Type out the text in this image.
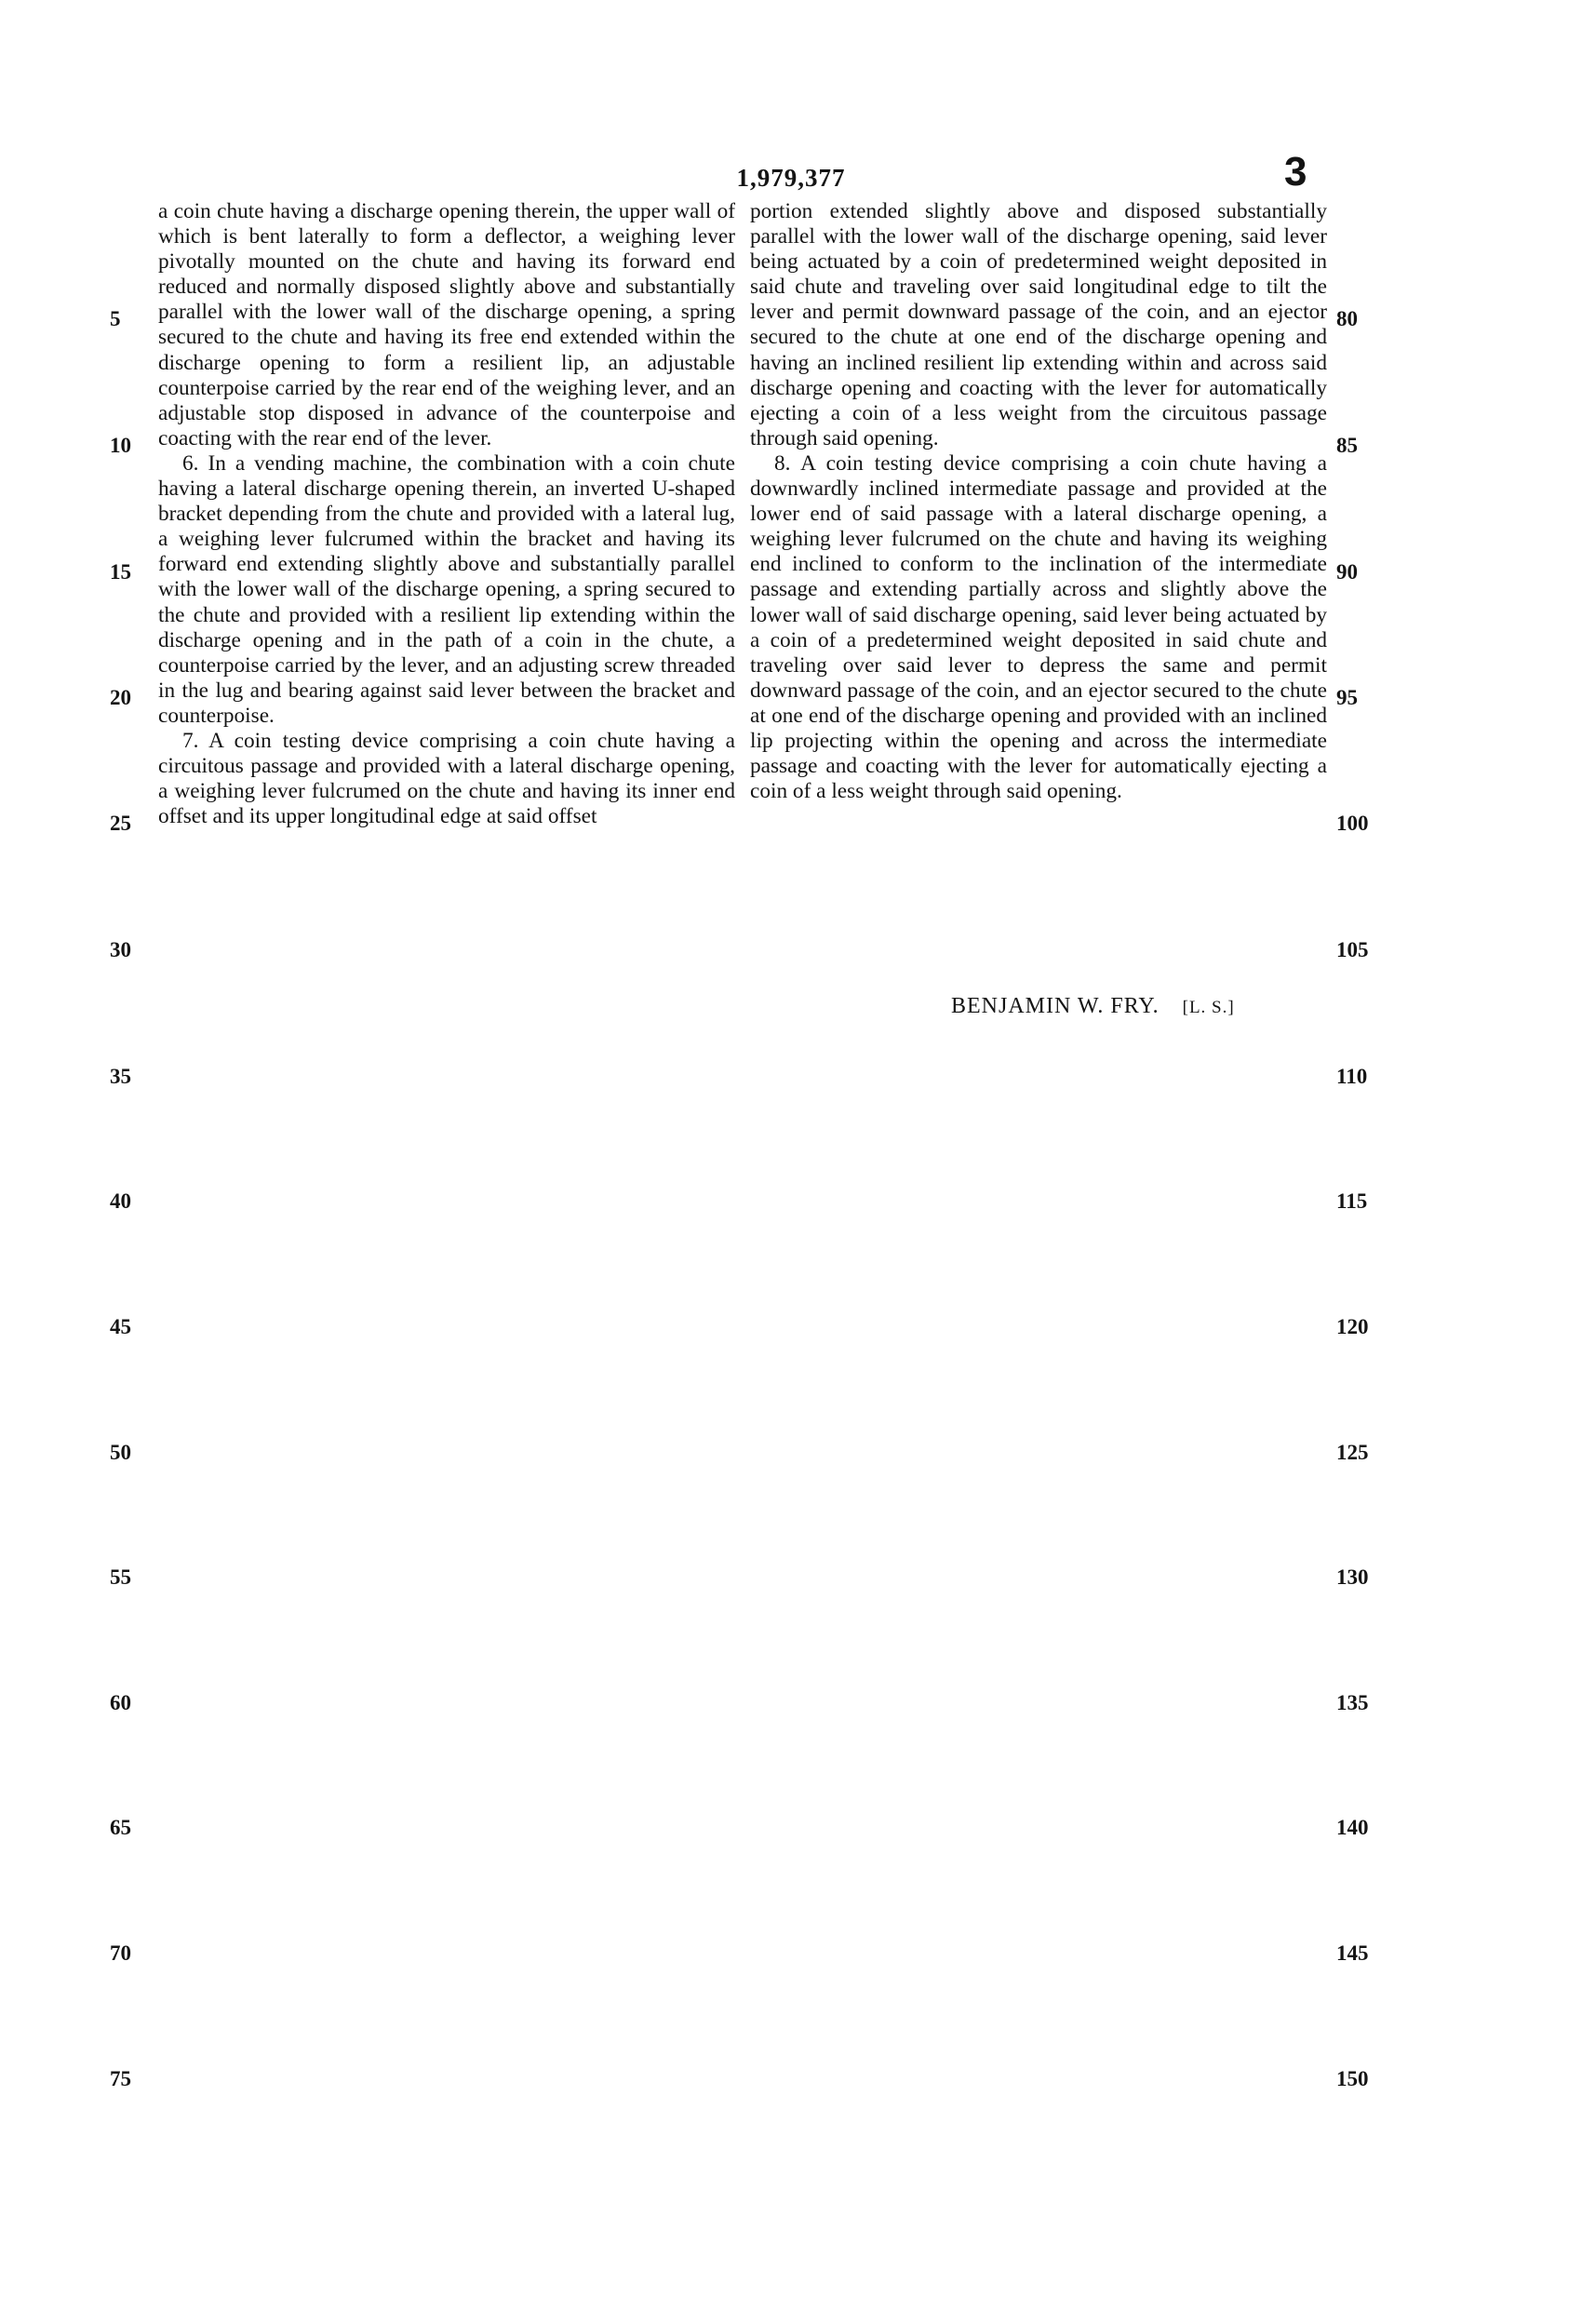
1,979,377	3

a coin chute having a discharge opening therein, the upper wall of which is bent laterally to form a deflector, a weighing lever pivotally mounted on the chute and having its forward end reduced and normally disposed slightly above and substantially parallel with the lower wall of the discharge opening, a spring secured to the chute and having its free end extended within the discharge opening to form a resilient lip, an adjustable counterpoise carried by the rear end of the weighing lever, and an adjustable stop disposed in advance of the counterpoise and coacting with the rear end of the lever.

6. In a vending machine, the combination with a coin chute having a lateral discharge opening therein, an inverted U-shaped bracket depending from the chute and provided with a lateral lug, a weighing lever fulcrumed within the bracket and having its forward end extending slightly above and substantially parallel with the lower wall of the discharge opening, a spring secured to the chute and provided with a resilient lip extending within the discharge opening and in the path of a coin in the chute, a counterpoise carried by the lever, and an adjusting screw threaded in the lug and bearing against said lever between the bracket and counterpoise.

7. A coin testing device comprising a coin chute having a circuitous passage and provided with a lateral discharge opening, a weighing lever fulcrumed on the chute and having its inner end offset and its upper longitudinal edge at said offset

portion extended slightly above and disposed substantially parallel with the lower wall of the discharge opening, said lever being actuated by a coin of predetermined weight deposited in said chute and traveling over said longitudinal edge to tilt the lever and permit downward passage of the coin, and an ejector secured to the chute at one end of the discharge opening and having an inclined resilient lip extending within and across said discharge opening and coacting with the lever for automatically ejecting a coin of a less weight from the circuitous passage through said opening.

8. A coin testing device comprising a coin chute having a downwardly inclined intermediate passage and provided at the lower end of said passage with a lateral discharge opening, a weighing lever fulcrumed on the chute and having its weighing end inclined to conform to the inclination of the intermediate passage and extending partially across and slightly above the lower wall of said discharge opening, said lever being actuated by a coin of a predetermined weight deposited in said chute and traveling over said lever to depress the same and permit downward passage of the coin, and an ejector secured to the chute at one end of the discharge opening and provided with an inclined lip projecting within the opening and across the intermediate passage and coacting with the lever for automatically ejecting a coin of a less weight through said opening.

BENJAMIN W. FRY. [L. S.]
5
10
15
20
25
30
35
40
45
50
55
60
65
70
75
80
85
90
95
100
105
110
115
120
125
130
135
140
145
150
